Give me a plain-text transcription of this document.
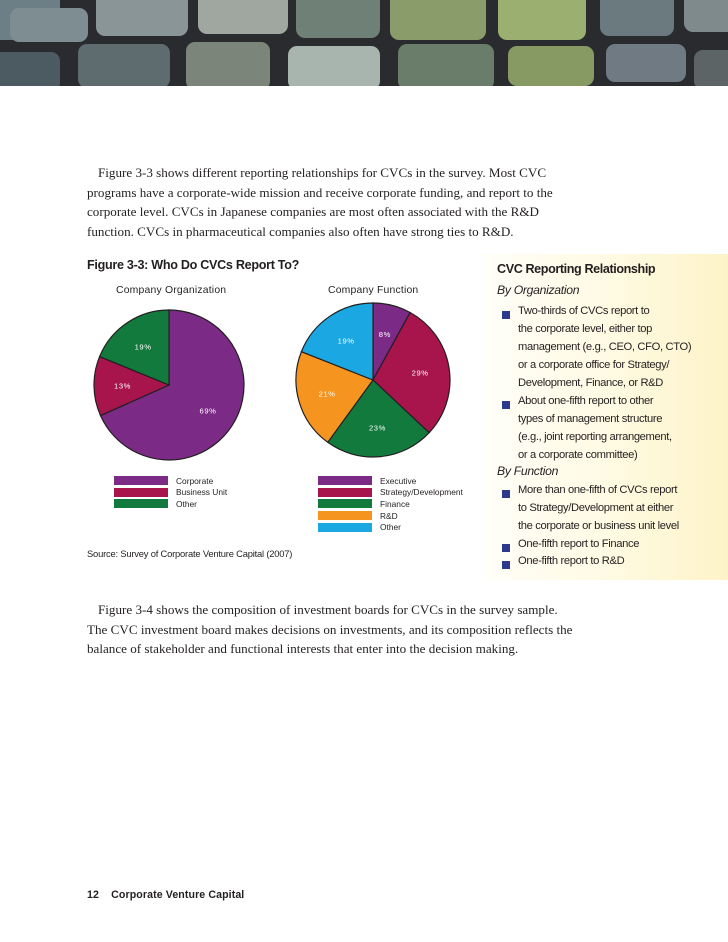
Figure 3-3 shows different reporting relationships for CVCs in the survey. Most CVC
programs have a corporate-wide mission and receive corporate funding, and report to the
corporate level. CVCs in Japanese companies are most often associated with the R&D
function. CVCs in pharmaceutical companies also often have strong ties to R&D.
Figure 3-3: Who Do CVCs Report To?
Company Organization
69%
13%
19%
Corporate
Business Unit
Other
Company Function
8%
29%
23%
21%
19%
Executive
Strategy/Development
Finance
R&D
Other
Source: Survey of Corporate Venture Capital (2007)
CVC Reporting Relationship
By Organization
Two-thirds of CVCs report to
the corporate level, either top
management (e.g., CEO, CFO, CTO)
or a corporate office for Strategy/
Development, Finance, or R&D
About one-fifth report to other
types of management structure
(e.g., joint reporting arrangement,
or a corporate committee)
By Function
More than one-fifth of CVCs report
to Strategy/Development at either
the corporate or business unit level
One-fifth report to Finance
One-fifth report to R&D
Figure 3-4 shows the composition of investment boards for CVCs in the survey sample.
The CVC investment board makes decisions on investments, and its composition reflects the
balance of stakeholder and functional interests that enter into the decision making.
12 Corporate Venture Capital
